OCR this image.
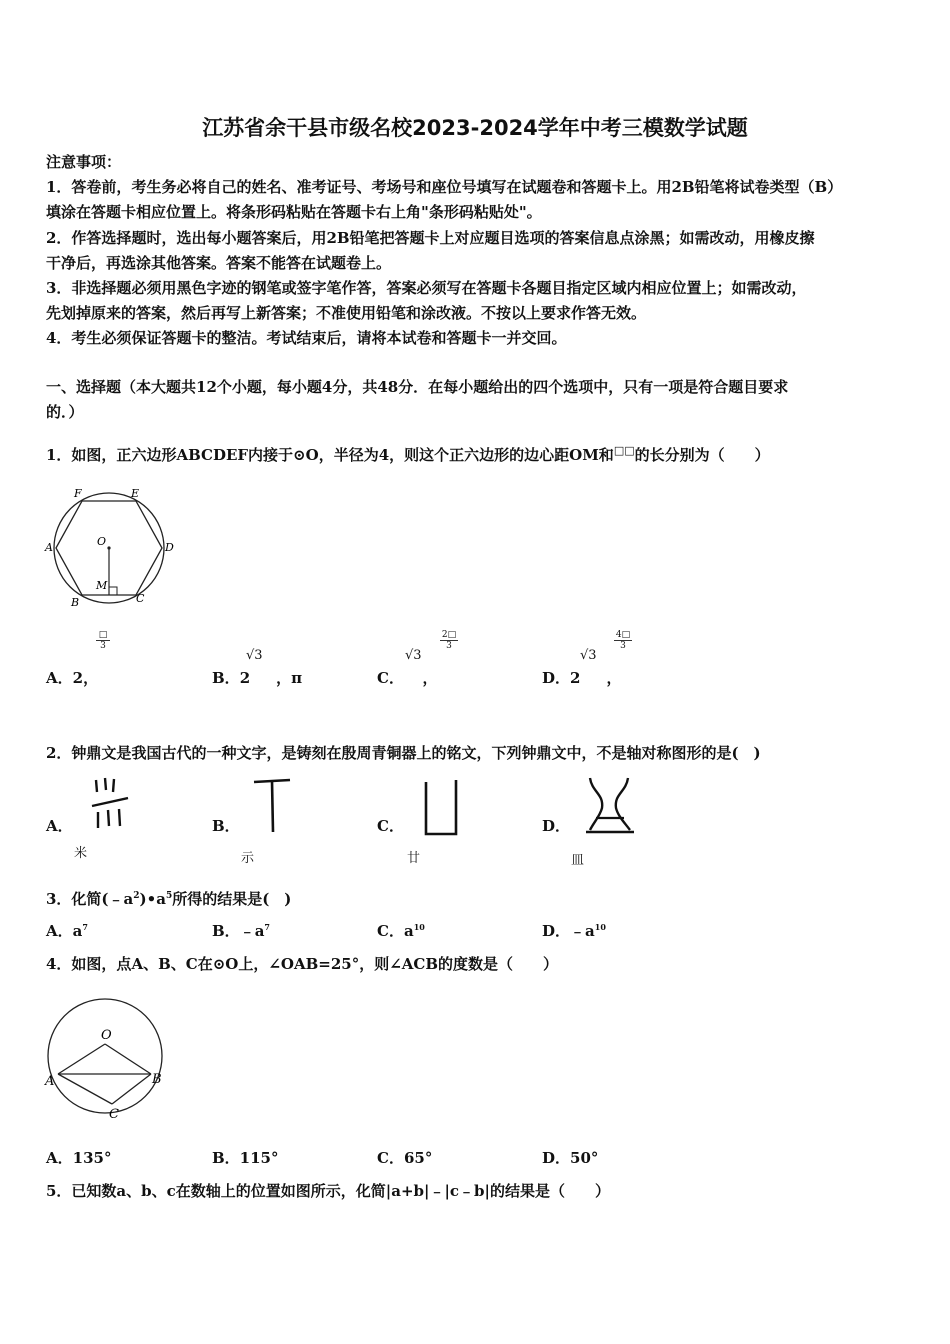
江苏省余干县市级名校2023-2024学年中考三模数学试题
注意事项：
1．答卷前，考生务必将自己的姓名、准考证号、考场号和座位号填写在试题卷和答题卡上。用2B铅笔将试卷类型（B）
填涂在答题卡相应位置上。将条形码粘贴在答题卡右上角"条形码粘贴处"。
2．作答选择题时，选出每小题答案后，用2B铅笔把答题卡上对应题目选项的答案信息点涂黑；如需改动，用橡皮擦
干净后，再选涂其他答案。答案不能答在试题卷上。
3．非选择题必须用黑色字迹的钢笔或签字笔作答，答案必须写在答题卡各题目指定区域内相应位置上；如需改动，
先划掉原来的答案，然后再写上新答案；不准使用铅笔和涂改液。不按以上要求作答无效。
4．考生必须保证答题卡的整洁。考试结束后，请将本试卷和答题卡一并交回。
一、选择题（本大题共12个小题，每小题4分，共48分．在每小题给出的四个选项中，只有一项是符合题目要求
的．）
1．如图，正六边形ABCDEF内接于⊙O，半径为4，则这个正六边形的边心距OM和□□的长分别为（　　）
F	E
A	D
O
M
B	C
□
3
A．2，
√3
B．2 ，π
√3
$\frac{2□}{3}$
C． ，
√3
$\frac{4□}{3}$
D．2 ，
2．钟鼎文是我国古代的一种文字，是铸刻在殷周青铜器上的铭文，下列钟鼎文中，不是轴对称图形的是(　)
A．
米
B．
示
C．
廿
D．
皿
3．化简$(﹣a^2)•a^5$所得的结果是(　)
A．$a^7$	B．$﹣a^7$	C．$a^{10}$	D．$﹣a^{10}$
4．如图，点A、B、C在⊙O上，∠OAB=25°，则∠ACB的度数是（　　）
O
A	B
C
A．135°	B．115°	C．65°	D．50°
5．已知数a、b、c在数轴上的位置如图所示，化简|a+b|﹣|c﹣b|的结果是（　　）
